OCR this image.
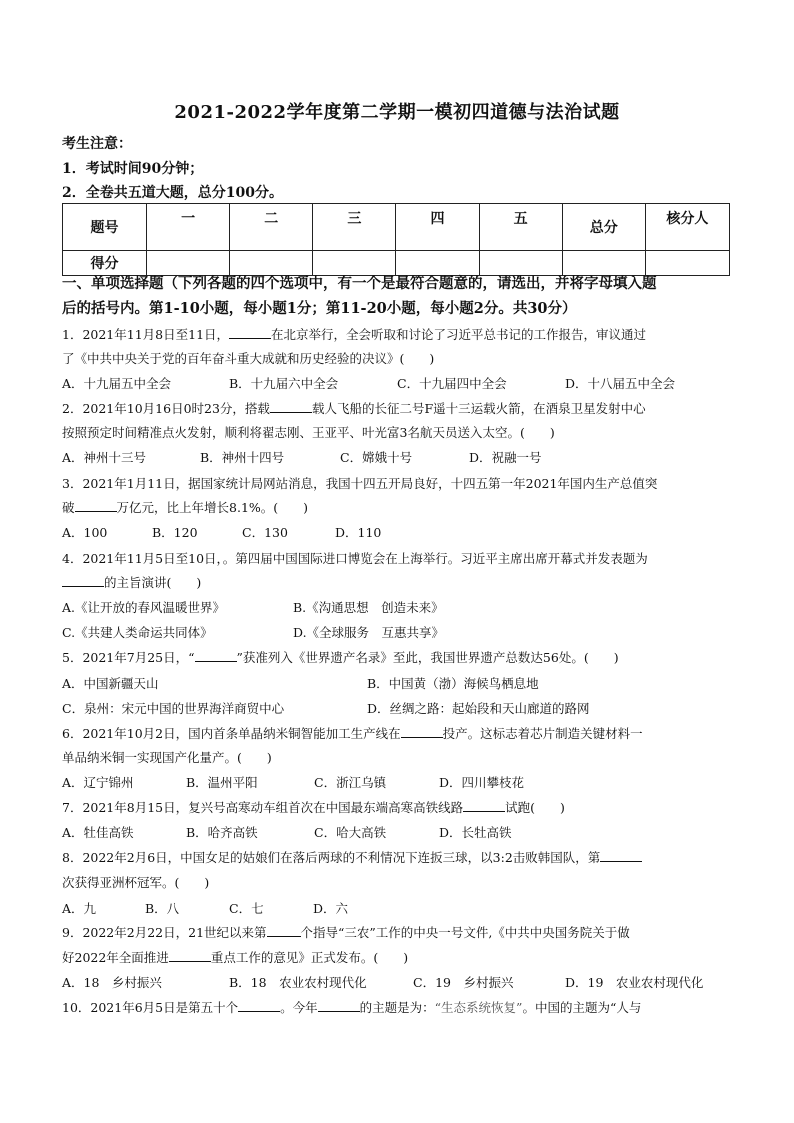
2021-2022学年度第二学期一模初四道德与法治试题
考生注意：
1．考试时间90分钟；
2．全卷共五道大题，总分100分。
题号	一	二	三	四	五	总分	核分人
得分							
一、单项选择题（下列各题的四个选项中，有一个是最符合题意的，请选出，并将字母填入题
后的括号内。第1-10小题，每小题1分；第11-20小题，每小题2分。共30分）
1．2021年11月8日至11日，	在北京举行，全会听取和讨论了习近平总书记的工作报告，审议通过
了《中共中央关于党的百年奋斗重大成就和历史经验的决议》(　　)
A．十九届五中全会	B．十九届六中全会	C．十九届四中全会	D．十八届五中全会
2．2021年10月16日0时23分，搭载	载人飞船的长征二号F遥十三运载火箭，在酒泉卫星发射中心
按照预定时间精准点火发射，顺利将翟志刚、王亚平、叶光富3名航天员送入太空。(　　)
A．神州十三号	B．神州十四号	C．嫦娥十号	D．祝融一号
3．2021年1月11日，据国家统计局网站消息，我国十四五开局良好，十四五第一年2021年国内生产总值突
破	万亿元，比上年增长8.1%。(　　)
A．100	B．120	C．130	D．110
4．2021年11月5日至10日，。第四届中国国际进口博览会在上海举行。习近平主席出席开幕式并发表题为
的主旨演讲(　　)
A.《让开放的春风温暖世界》	B.《沟通思想　创造未来》
C.《共建人类命运共同体》	D.《全球服务　互惠共享》
5．2021年7月25日，“	”获准列入《世界遗产名录》至此，我国世界遗产总数达56处。(　　)
A．中国新疆天山	B．中国黄（渤）海候鸟栖息地
C．泉州：宋元中国的世界海洋商贸中心	D．丝绸之路：起始段和天山廊道的路网
6．2021年10月2日，国内首条单晶纳米铜智能加工生产线在	投产。这标志着芯片制造关键材料一
单品纳米铜一实现国产化量产。(　　)
A．辽宁锦州	B．温州平阳	C．浙江乌镇	D．四川攀枝花
7．2021年8月15日，复兴号高寒动车组首次在中国最东端高寒高铁线路	试跑(　　)
A．牡佳高铁	B．哈齐高铁	C．哈大高铁	D．长牡高铁
8．2022年2月6日，中国女足的姑娘们在落后两球的不利情况下连扳三球，以3:2击败韩国队，第
次获得亚洲杯冠军。(　　)
A．九	B．八	C．七	D．六
9．2022年2月22日，21世纪以来第	个指导“三农”工作的中央一号文件,《中共中央国务院关于做
好2022年全面推进	重点工作的意见》正式发布。(　　)
A．18　乡村振兴	B．18　农业农村现代化	C．19　乡村振兴	D．19　农业农村现代化
10．2021年6月5日是第五十个	。今年	的主题是为：“生态系统恢复”。中国的主题为“人与
